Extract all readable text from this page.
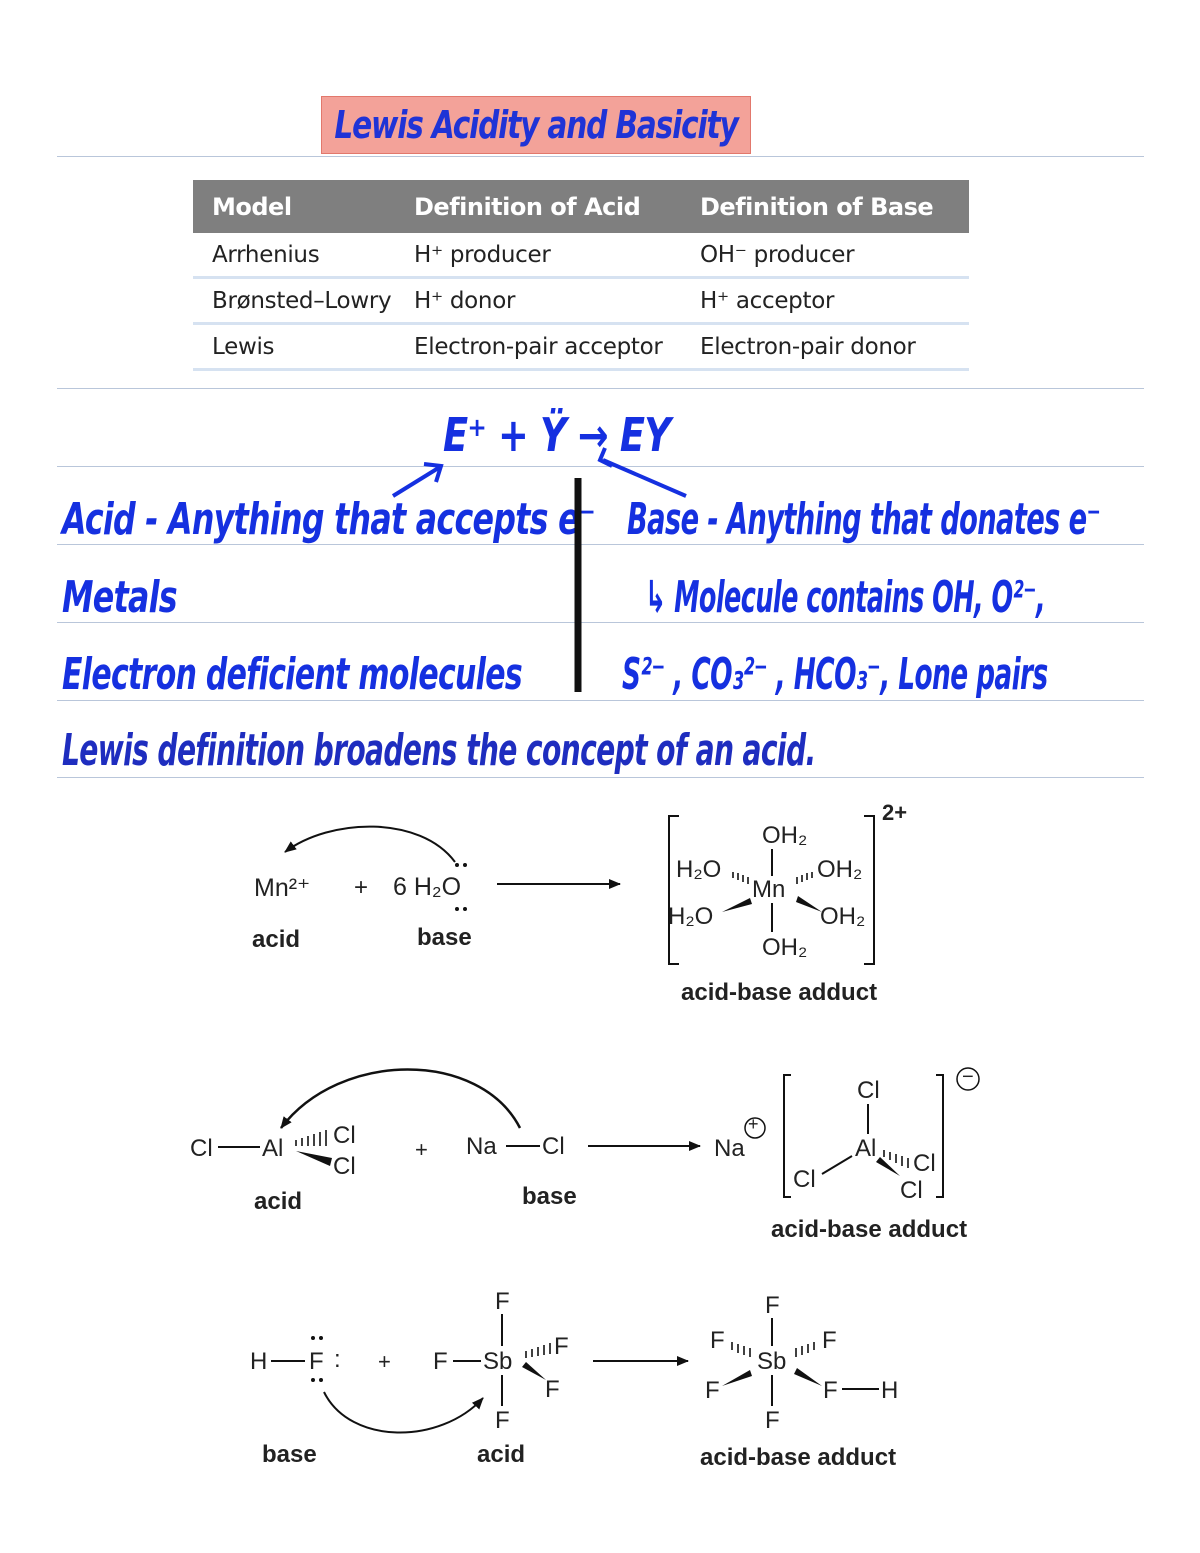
Lewis Acidity and Basicity
Model	Definition of Acid	Definition of Base
Arrhenius	H⁺ producer	OH⁻ producer
Brønsted–Lowry H⁺ donor	H⁺ acceptor
Lewis	Electron-pair acceptor	Electron-pair donor
E⁺ + Ÿ → EY
Acid - Anything that accepts e⁻
Metals
Electron deficient molecules
Base - Anything that donates e⁻
↳ Molecule contains OH, O²⁻,
S²⁻ , CO₃²⁻ , HCO₃⁻, Lone pairs
Lewis definition broadens the concept of an acid.
Mn²⁺ + 6 H₂O
acid	base
OH₂
H₂O	OH₂
Mn
H₂O	OH₂
OH₂
2+
acid-base adduct
Cl Al Cl
Cl
+ Na Cl
acid	base
Na
Cl
Al
Cl
Cl
Cl
acid-base adduct
+
−
H F : +
F
F Sb
F
F
F
base	acid
F
F
Sb
F
F	F H
F
acid-base adduct
